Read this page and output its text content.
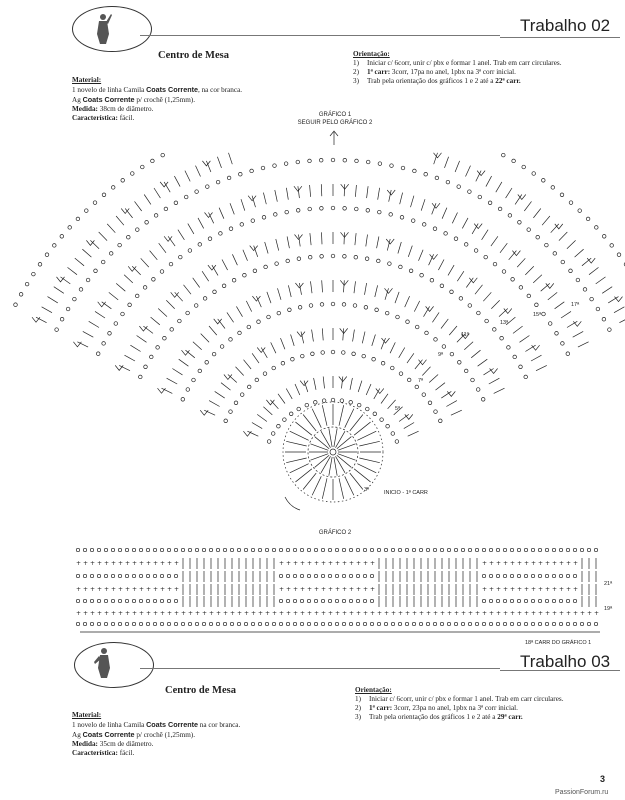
Trabalho 02
Centro de Mesa
Material:
1 novelo de linha Camila Coats Corrente, na cor branca.
Ag Coats Corrente p/ crochê (1,25mm).
Medida: 38cm de diâmetro.
Característica: fácil.
Orientação:
1)	Iniciar c/ 6corr, unir c/ pbx e formar 1 anel. Trab em carr circulares.
2)	1ª carr: 3corr, 17pa no anel, 1pbx na 3ª corr inicial.
3)	Trab pela orientação dos gráficos 1 e 2 até a 22ª carr.
GRÁFICO 1
SEGUIR PELO GRÁFICO 2
17ª
15ª
13ª
11ª
9ª
7ª
5ª
3ª	INICIO - 1ª CARR
GRÁFICO 2
+ + + + + + + + + + + + + + +	+ + + + + + + + + + + + + +	+ + + + + + + + + + + + + +
+ + + + + + + + + + + + + + +	+ + + + + + + + + + + + + +	+ + + + + + + + + + + + + +
+ + + + + + + + + + + + + + + + + + + + + + + + + + + + + + + + + + + + + + + + + + + + + + + + + + + + + + + + + + + + + + + + + + + + + + + + + + +
21ª
19ª
18ª CARR DO GRÁFICO 1
Trabalho 03
Centro de Mesa
Material:
1 novelo de linha Camila Coats Corrente na cor branca.
Ag Coats Corrente p/ crochê (1,25mm).
Medida: 35cm de diâmetro.
Característica: fácil.
Orientação:
1)	Iniciar c/ 6corr, unir c/ pbx e formar 1 anel. Trab em carr circulares.
2)	1ª carr: 3corr, 23pa no anel, 1pbx na 3ª corr inicial.
3)	Trab pela orientação dos gráficos 1 e 2 até a 29ª carr.
3
PassionForum.ru
